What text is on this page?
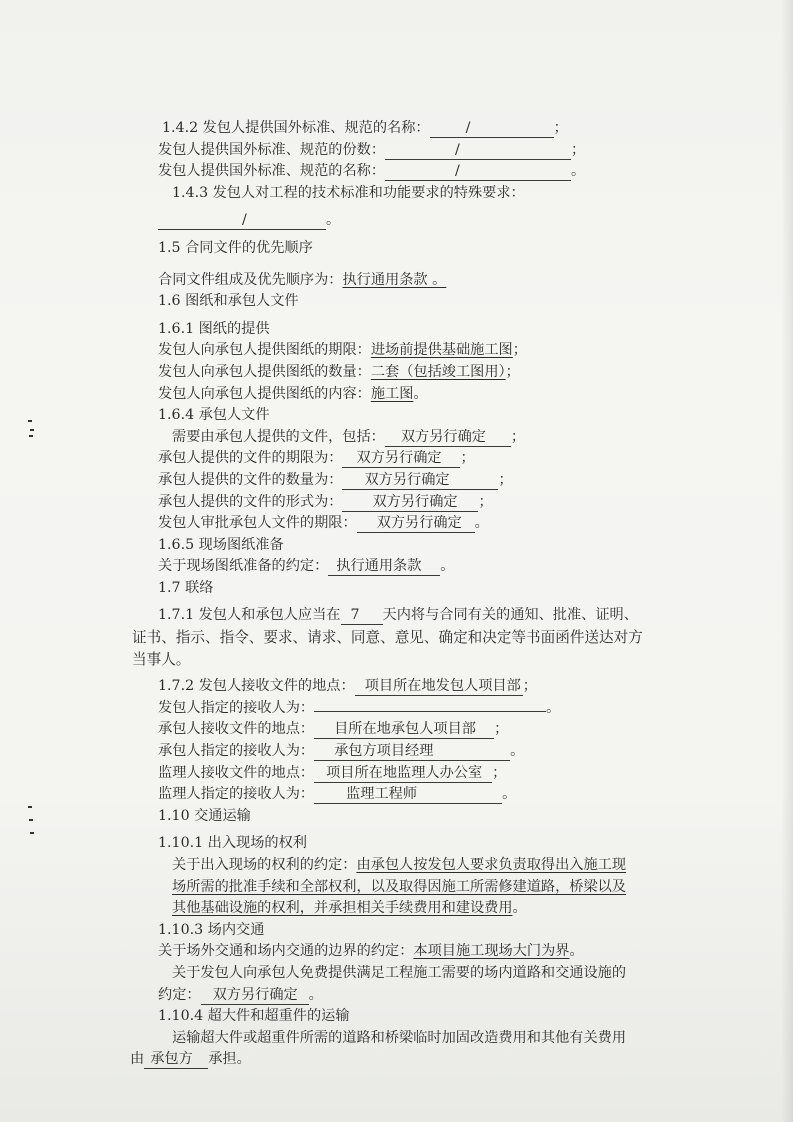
1.4.2 发包人提供国外标准、规范的名称：	/	；
发包人提供国外标准、规范的份数：	/	；
发包人提供国外标准、规范的名称：	/	。
1.4.3 发包人对工程的技术标准和功能要求的特殊要求：
/	。
1.5 合同文件的优先顺序
合同文件组成及优先顺序为：执行通用条款 。
1.6 图纸和承包人文件
1.6.1 图纸的提供
发包人向承包人提供图纸的期限：进场前提供基础施工图；
发包人向承包人提供图纸的数量：二套（包括竣工图用）；
发包人向承包人提供图纸的内容：施工图。
1.6.4 承包人文件
需要由承包人提供的文件，包括： 双方另行确定 ；
承包人提供的文件的期限为： 双方另行确定 ；
承包人提供的文件的数量为： 双方另行确定	；
承包人提供的文件的形式为： 双方另行确定 ；
发包人审批承包人文件的期限： 双方另行确定 。
1.6.5 现场图纸准备
关于现场图纸准备的约定： 执行通用条款 。
1.7 联络
1.7.1 发包人和承包人应当在 7 天内将与合同有关的通知、批准、证明、
证书、指示、指令、要求、请求、同意、意见、确定和决定等书面函件送达对方
当事人。
1.7.2 发包人接收文件的地点： 项目所在地发包人项目部 ；
发包人指定的接收人为：	。
承包人接收文件的地点： 目所在地承包人项目部 ；
承包人指定的接收人为： 承包方项目经理	。
监理人接收文件的地点： 项目所在地监理人办公室 ；
监理人指定的接收人为： 监理工程师	。
1.10 交通运输
1.10.1 出入现场的权利
关于出入现场的权利的约定：由承包人按发包人要求负责取得出入施工现
场所需的批准手续和全部权利，以及取得因施工所需修建道路，桥梁以及
其他基础设施的权利，并承担相关手续费用和建设费用。
1.10.3 场内交通
关于场外交通和场内交通的边界的约定：本项目施工现场大门为界。
关于发包人向承包人免费提供满足工程施工需要的场内道路和交通设施的
约定： 双方另行确定 。
1.10.4 超大件和超重件的运输
运输超大件或超重件所需的道路和桥梁临时加固改造费用和其他有关费用
由 承包方 承担。
